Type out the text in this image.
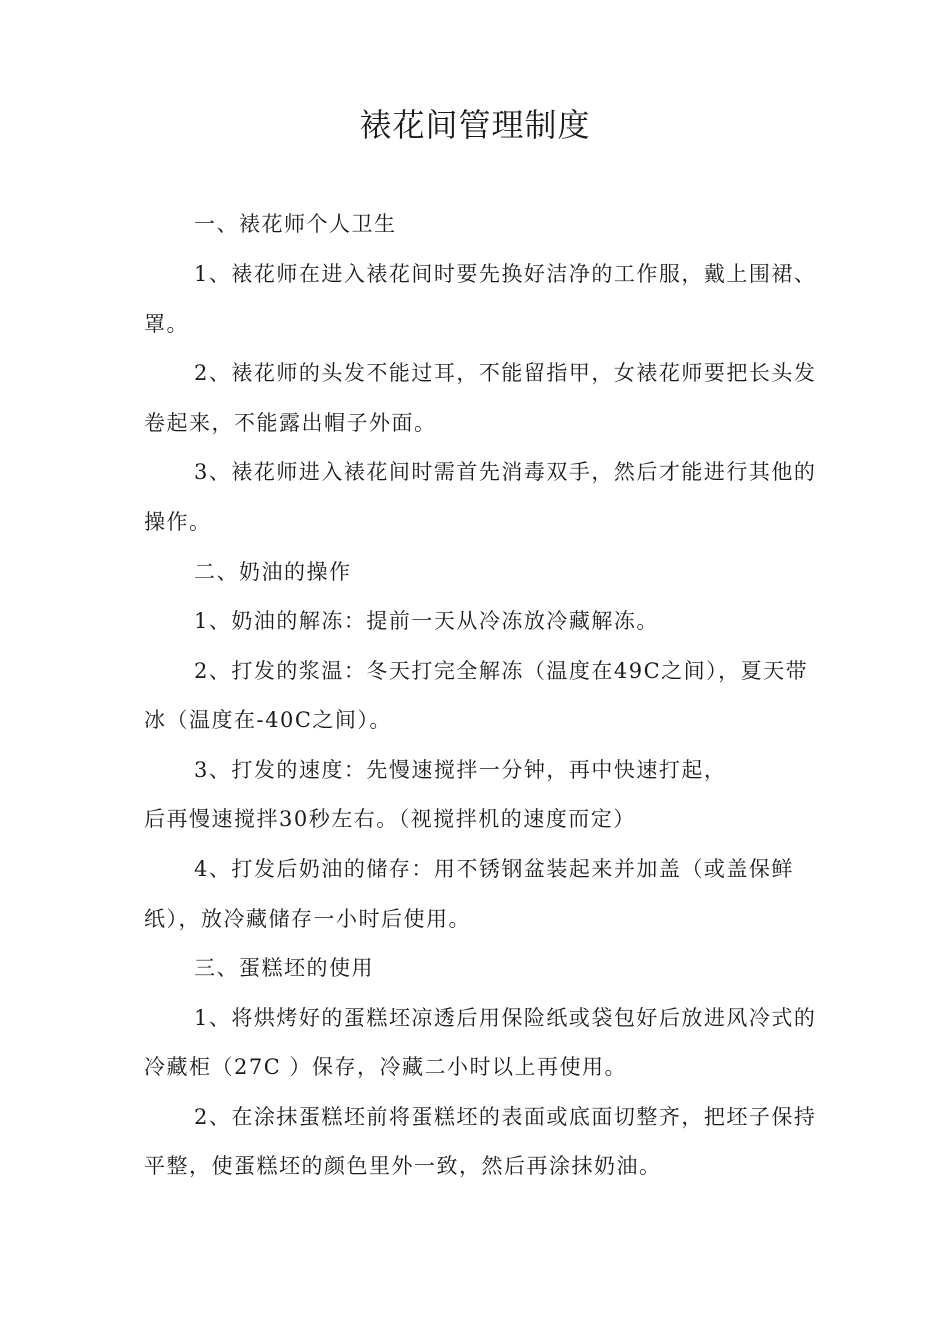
裱花间管理制度
一、裱花师个人卫生
1、裱花师在进入裱花间时要先换好洁净的工作服，戴上围裙、
罩。
2、裱花师的头发不能过耳，不能留指甲，女裱花师要把长头发
卷起来，不能露出帽子外面。
3、裱花师进入裱花间时需首先消毒双手，然后才能进行其他的
操作。
二、奶油的操作
1、奶油的解冻：提前一天从冷冻放冷藏解冻。
2、打发的浆温：冬天打完全解冻（温度在49C之间），夏天带
冰（温度在-40C之间）。
3、打发的速度：先慢速搅拌一分钟，再中快速打起，
后再慢速搅拌30秒左右。（视搅拌机的速度而定）
4、打发后奶油的储存：用不锈钢盆装起来并加盖（或盖保鲜
纸），放冷藏储存一小时后使用。
三、蛋糕坯的使用
1、将烘烤好的蛋糕坯凉透后用保险纸或袋包好后放进风冷式的
冷藏柜（27C ）保存，冷藏二小时以上再使用。
2、在涂抹蛋糕坯前将蛋糕坯的表面或底面切整齐，把坯子保持
平整，使蛋糕坯的颜色里外一致，然后再涂抹奶油。
